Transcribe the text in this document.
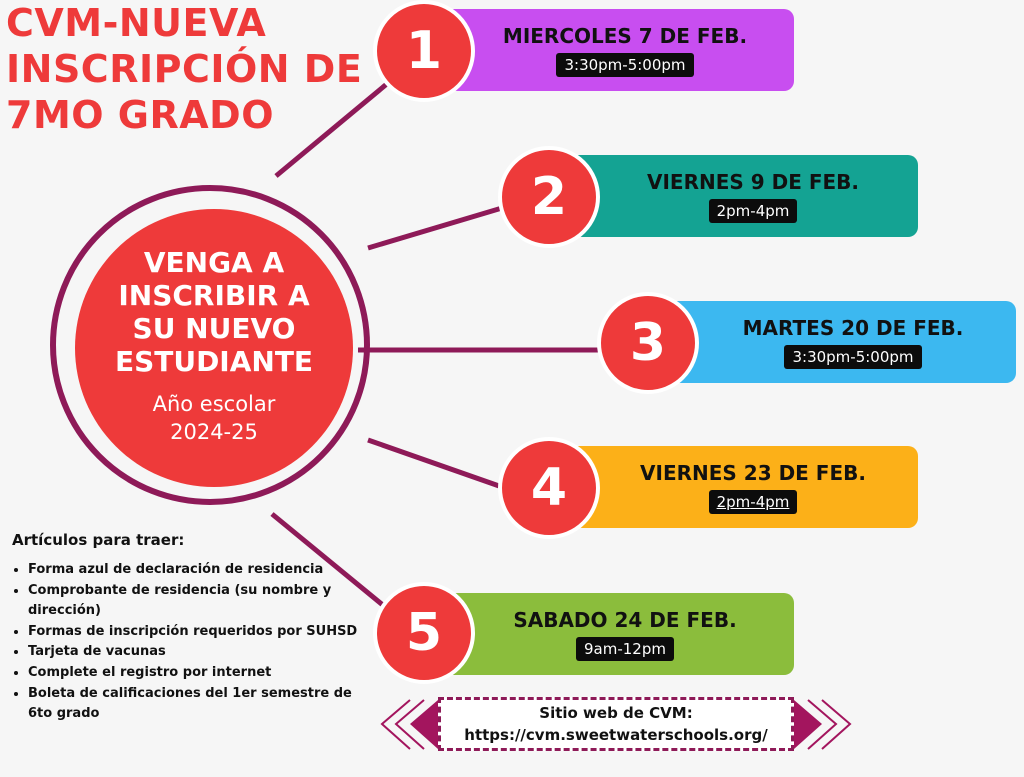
CVM-NUEVA
INSCRIPCIÓN DE
7MO GRADO
VENGA A
INSCRIBIR A
SU NUEVO
ESTUDIANTE
Año escolar
2024-25
MIERCOLES 7 DE FEB.
3:30pm-5:00pm
1
VIERNES 9 DE FEB.
2pm-4pm
2
MARTES 20 DE FEB.
3:30pm-5:00pm
3
VIERNES 23 DE FEB.
2pm-4pm
4
SABADO 24 DE FEB.
9am-12pm
5
Artículos para traer:
• Forma azul de declaración de residencia
• Comprobante de residencia (su nombre y dirección)
• Formas de inscripción requeridos por SUHSD
• Tarjeta de vacunas
• Complete el registro por internet
• Boleta de calificaciones del 1er semestre de 6to grado	Sitio web de CVM:
https://cvm.sweetwaterschools.org/
